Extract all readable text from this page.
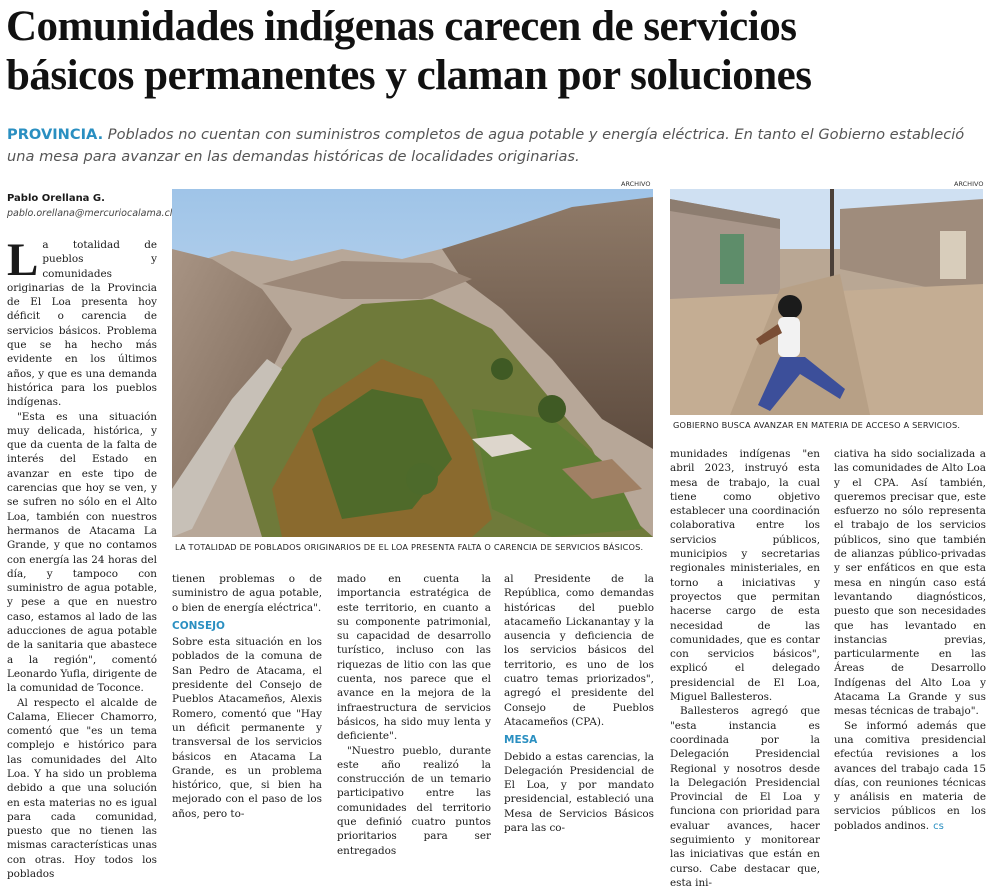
Comunidades indígenas carecen de servicios
básicos permanentes y claman por soluciones
PROVINCIA. Poblados no cuentan con suministros completos de agua potable y energía eléctrica. En tanto el Gobierno estableció una mesa para avanzar en las demandas históricas de localidades originarias.
Pablo Orellana G.
pablo.orellana@mercuriocalama.cl
ARCHIVO
LA TOTALIDAD DE POBLADOS ORIGINARIOS DE EL LOA PRESENTA FALTA O CARENCIA DE SERVICIOS BÁSICOS.
ARCHIVO
GOBIERNO BUSCA AVANZAR EN MATERIA DE ACCESO A SERVICIOS.

La totalidad de pueblos y comunidades originarias de la Provincia de El Loa presenta hoy déficit o carencia de servicios básicos. Problema que se ha hecho más evidente en los últimos años, y que es una demanda histórica para los pueblos indígenas.

"Esta es una situación muy delicada, histórica, y que da cuenta de la falta de interés del Estado en avanzar en este tipo de carencias que hoy se ven, y se sufren no sólo en el Alto Loa, también con nuestros hermanos de Atacama La Grande, y que no contamos con energía las 24 horas del día, y tampoco con suministro de agua potable, y pese a que en nuestro caso, estamos al lado de las aducciones de agua potable de la sanitaria que abastece a la región", comentó Leonardo Yufla, dirigente de la comunidad de Toconce.

Al respecto el alcalde de Calama, Eliecer Chamorro, comentó que "es un tema complejo e histórico para las comunidades del Alto Loa. Y ha sido un problema debido a que una solución en esta materias no es igual para cada comunidad, puesto que no tienen las mismas características unas con otras. Hoy todos los poblados

tienen problemas o de suministro de agua potable, o bien de energía eléctrica".

CONSEJO

Sobre esta situación en los poblados de la comuna de San Pedro de Atacama, el presidente del Consejo de Pueblos Atacameños, Alexis Romero, comentó que "Hay un déficit permanente y transversal de los servicios básicos en Atacama La Grande, es un problema histórico, que, si bien ha mejorado con el paso de los años, pero to-

mado en cuenta la importancia estratégica de este territorio, en cuanto a su componente patrimonial, su capacidad de desarrollo turístico, incluso con las riquezas de litio con las que cuenta, nos parece que el avance en la mejora de la infraestructura de servicios básicos, ha sido muy lenta y deficiente".

"Nuestro pueblo, durante este año realizó la construcción de un temario participativo entre las comunidades del territorio que definió cuatro puntos prioritarios para ser entregados

al Presidente de la República, como demandas históricas del pueblo atacameño Lickanantay y la ausencia y deficiencia de los servicios básicos del territorio, es uno de los cuatro temas priorizados", agregó el presidente del Consejo de Pueblos Atacameños (CPA).

MESA

Debido a estas carencias, la Delegación Presidencial de El Loa, y por mandato presidencial, estableció una Mesa de Servicios Básicos para las co-

munidades indígenas "en abril 2023, instruyó esta mesa de trabajo, la cual tiene como objetivo establecer una coordinación colaborativa entre los servicios públicos, municipios y secretarias regionales ministeriales, en torno a iniciativas y proyectos que permitan hacerse cargo de esta necesidad de las comunidades, que es contar con servicios básicos", explicó el delegado presidencial de El Loa, Miguel Ballesteros.

Ballesteros agregó que "esta instancia es coordinada por la Delegación Presidencial Regional y nosotros desde la Delegación Presidencial Provincial de El Loa y funciona con prioridad para evaluar avances, hacer seguimiento y monitorear las iniciativas que están en curso. Cabe destacar que, esta ini-

ciativa ha sido socializada a las comunidades de Alto Loa y el CPA. Así también, queremos precisar que, este esfuerzo no sólo representa el trabajo de los servicios públicos, sino que también de alianzas público-privadas y ser enfáticos en que esta mesa en ningún caso está levantando diagnósticos, puesto que son necesidades que has levantado en instancias previas, particularmente en las Áreas de Desarrollo Indígenas del Alto Loa y Atacama La Grande y sus mesas técnicas de trabajo".

Se informó además que una comitiva presidencial efectúa revisiones a los avances del trabajo cada 15 días, con reuniones técnicas y análisis en materia de servicios públicos en los poblados andinos. cs
